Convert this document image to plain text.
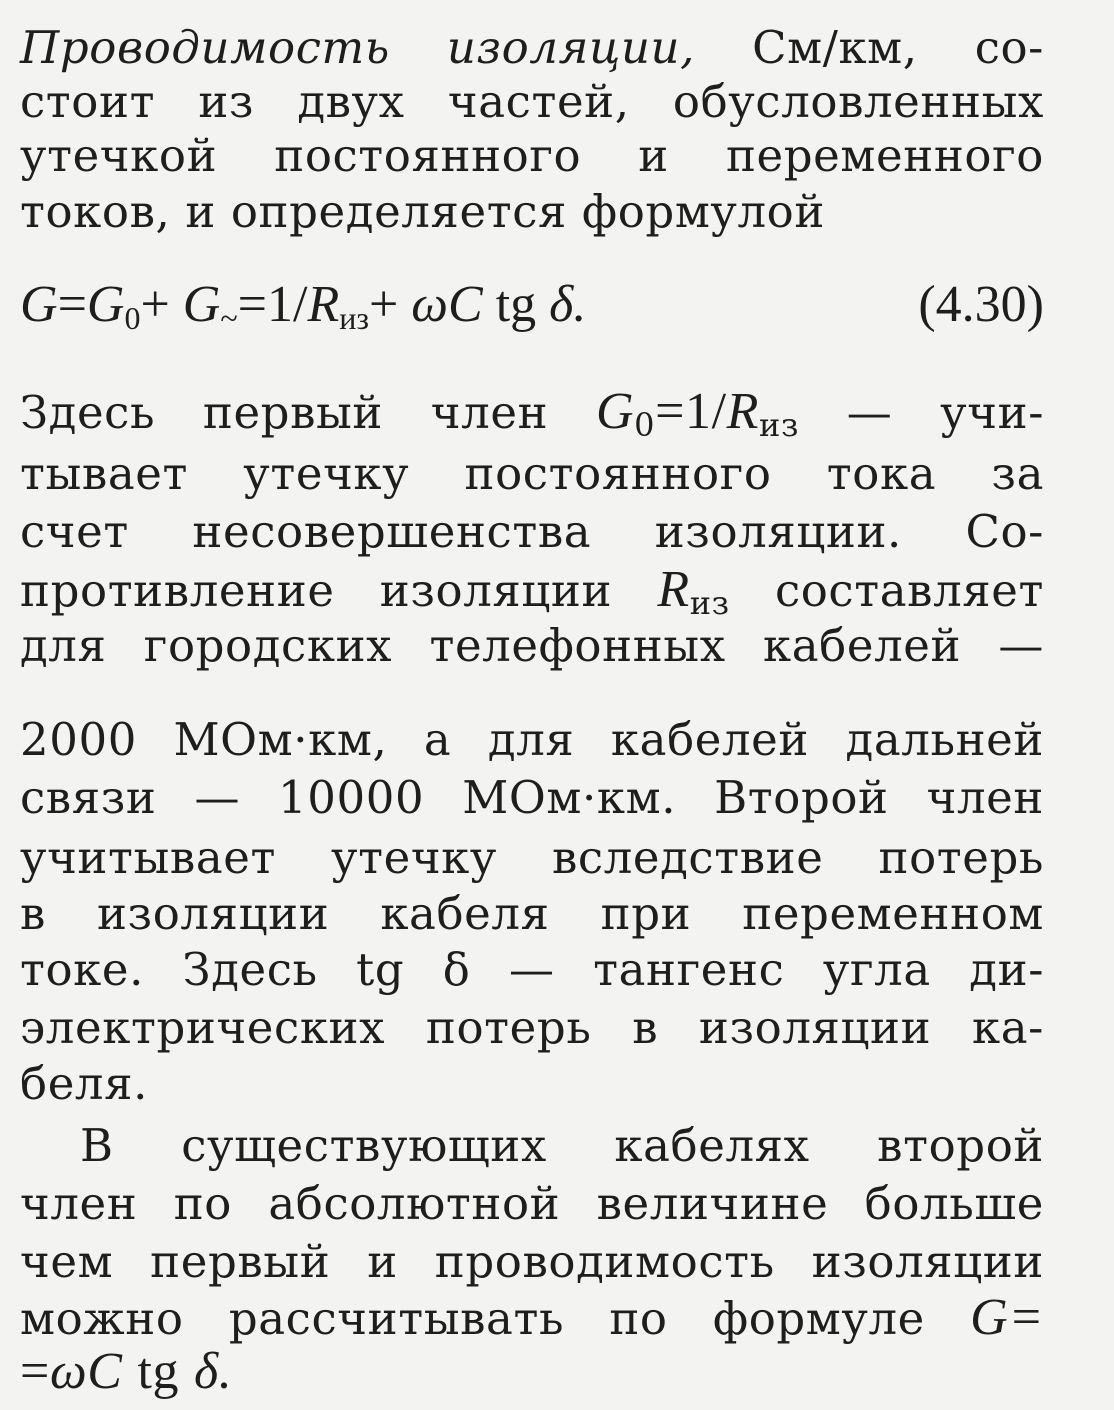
Проводимость изоляции, См/км, со-
стоит из двух частей, обусловленных
утечкой постоянного и переменного
токов, и определяется формулой
G=G0+ G~=1/Rиз+ ωC tg δ.	(4.30)
Здесь первый член G0=1/Rиз — учи-
тывает утечку постоянного тока за
счет несовершенства изоляции. Со-
противление изоляции Rиз составляет
для городских телефонных кабелей —
2000 МОм·км, а для кабелей дальней
связи — 10000 МОм·км. Второй член
учитывает утечку вследствие потерь
в изоляции кабеля при переменном
токе. Здесь tg δ — тангенс угла ди-
электрических потерь в изоляции ка-
беля.
В существующих кабелях второй
член по абсолютной величине больше
чем первый и проводимость изоляции
можно рассчитывать по формуле G=
=ωC tg δ.
